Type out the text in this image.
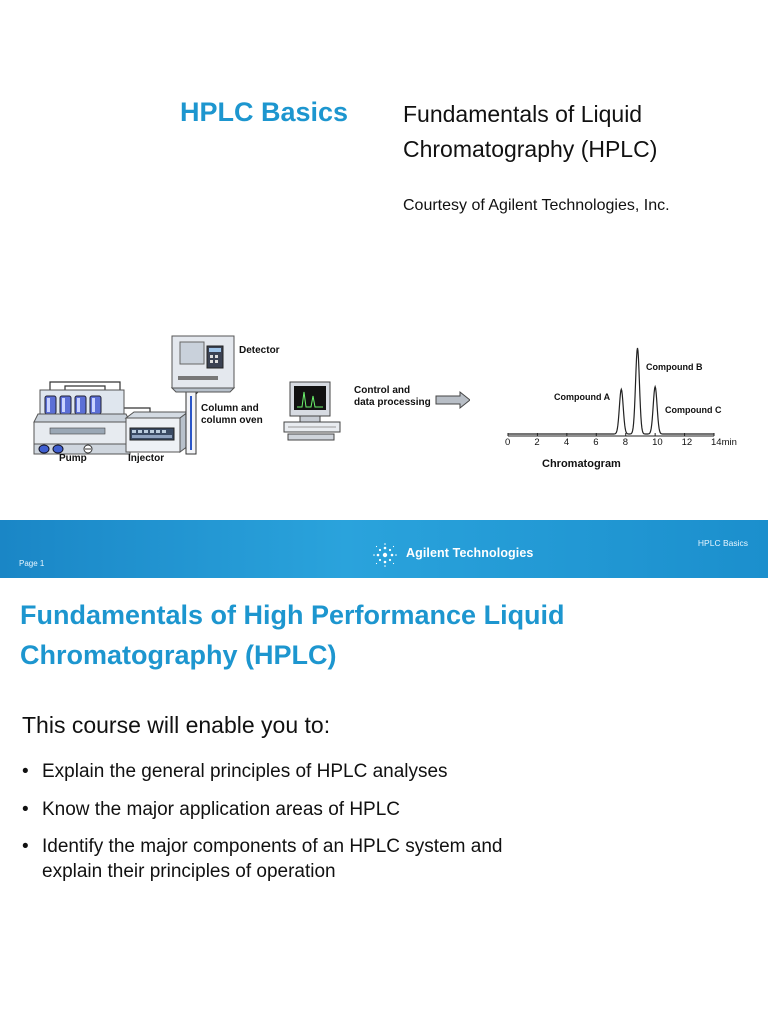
HPLC Basics Fundamentals of Liquid
Chromatography (HPLC)
Courtesy of Agilent Technologies, Inc.
Detector
Column and
column oven
Pump	Injector
Control and
data processing
0	2	4	6	8	10 12 14min
Compound A
Compound B
Compound C
Chromatogram
Page 1
Agilent Technologies
HPLC Basics
Fundamentals of High Performance Liquid Chromatography (HPLC)
This course will enable you to:
• Explain the general principles of HPLC analyses
• Know the major application areas of HPLC
• Identify the major components of an HPLC system and explain their principles of operation
